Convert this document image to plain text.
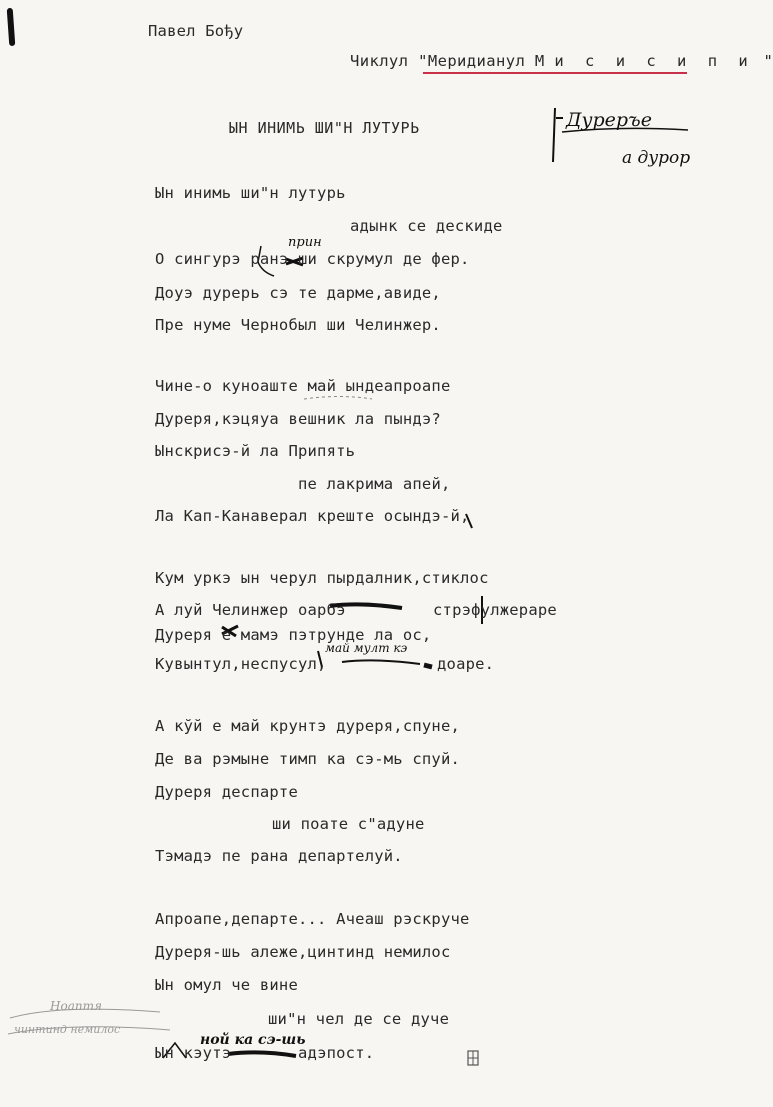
Павел Бођу
Чиклул "Меридианул М и с и с и п и "
Дуреръе
а дурор
ЫН ИНИМЬ ШИ"Н ЛУТУРЬ
Ын инимь ши"н лутурь
адынк се дескиде
прин
О сингурэ ранэ ши скрумул де фер.
Доуэ дурерь сэ те дарме,авиде,
Пре нуме Чернобыл ши Челинжер.
Чине-о куноаште май ындеапроапе
Дуреря,кэцяуа вешник ла пындэ?
Ынскрисэ-й ла Припять
пе лакрима апей,
Ла Кап-Канаверал креште осындэ-й,
Кум уркэ ын черул пырдалник,стиклос
А луй Челинжер оарбэ	стрэфулжераре
Дуреря е мамэ пэтрунде ла ос,
май мулт кэ
Кувынтул,неспусул,	доаре.
А кўй е май крунтэ дуреря,спуне,
Де ва рэмыне тимп ка сэ-мь спуй.
Дуреря деспарте
ши поате с"адуне
Тэмадэ пе рана департелуй.
Апроапе,департе... Ачеаш рэскруче
Дуреря-шь алеже,цинтинд немилос
Ын омул че вине
ши"н чел де се дуче
ной ка сэ-шь
Ын кэутэ	адэпост.
Ноаптя
чинтинд немилос
